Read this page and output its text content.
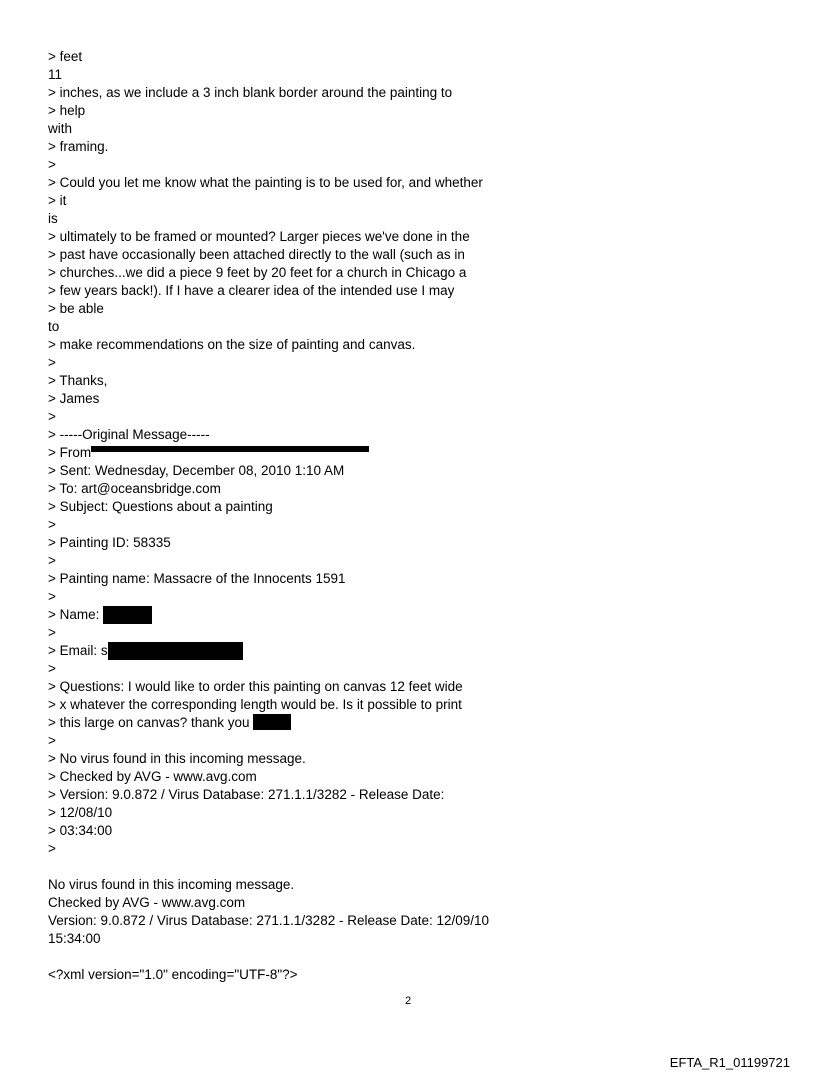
> feet
11
> inches, as we include a 3 inch blank border around the painting to
> help
with
> framing.
>
> Could you let me know what the painting is to be used for, and whether
> it
is
> ultimately to be framed or mounted? Larger pieces we've done in the
> past have occasionally been attached directly to the wall (such as in
> churches...we did a piece 9 feet by 20 feet for a church in Chicago a
> few years back!). If I have a clearer idea of the intended use I may
> be able
to
> make recommendations on the size of painting and canvas.
>
> Thanks,
> James
>
> -----Original Message-----
> From
> Sent: Wednesday, December 08, 2010 1:10 AM
> To: art@oceansbridge.com
> Subject: Questions about a painting
>
> Painting ID: 58335
>
> Painting name: Massacre of the Innocents 1591
>
> Name:
>
> Email: s
>
> Questions: I would like to order this painting on canvas 12 feet wide
> x whatever the corresponding length would be. Is it possible to print
> this large on canvas? thank you
>
> No virus found in this incoming message.
> Checked by AVG - www.avg.com
> Version: 9.0.872 / Virus Database: 271.1.1/3282 - Release Date:
> 12/08/10
> 03:34:00
>
No virus found in this incoming message.
Checked by AVG - www.avg.com
Version: 9.0.872 / Virus Database: 271.1.1/3282 - Release Date: 12/09/10
15:34:00
<?xml version="1.0" encoding="UTF-8"?>
2
EFTA_R1_01199721
